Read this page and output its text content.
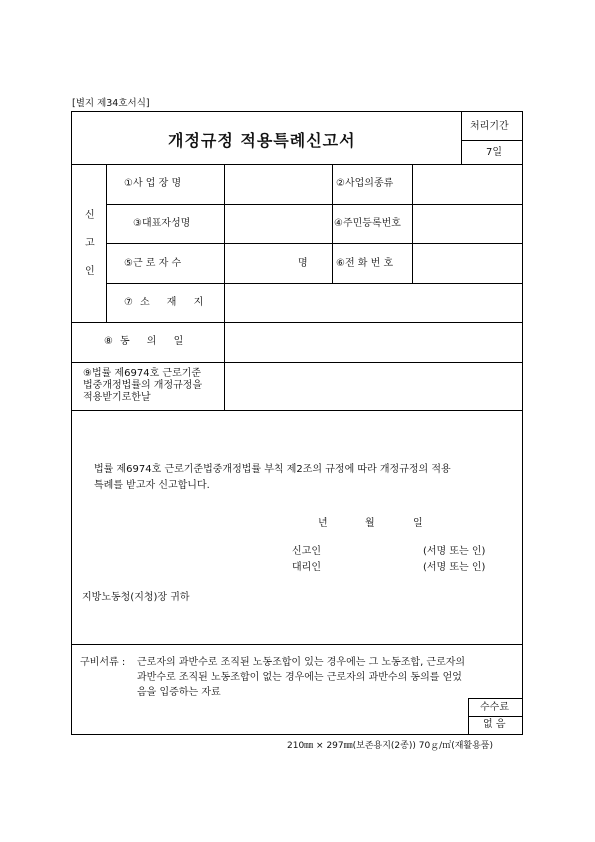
[별지 제34호서식]
개정규정 적용특례신고서
처리기간
7일
신
고
인
①사 업 장 명	②사업의종류
③대표자성명	④주민등록번호
⑤근 로 자 수	명	⑥전 화 번 호
⑦소 재 지
⑧동 의 일
⑨법률 제6974호 근로기준
법중개정법률의 개정규정을
적용받기로한날
법률 제6974호 근로기준법중개정법률 부칙 제2조의 규정에 따라 개정규정의 적용
특례를 받고자 신고합니다.
년	월	일
신고인	(서명 또는 인)
대리인	(서명 또는 인)
지방노동청(지청)장 귀하
구비서류 : 근로자의 과반수로 조직된 노동조합이 있는 경우에는 그 노동조합, 근로자의
과반수로 조직된 노동조합이 없는 경우에는 근로자의 과반수의 동의를 얻었
음을 입증하는 자료
수수료
없 음
210㎜ × 297㎜(보존용지(2종)) 70ｇ/㎡(재활용품)
